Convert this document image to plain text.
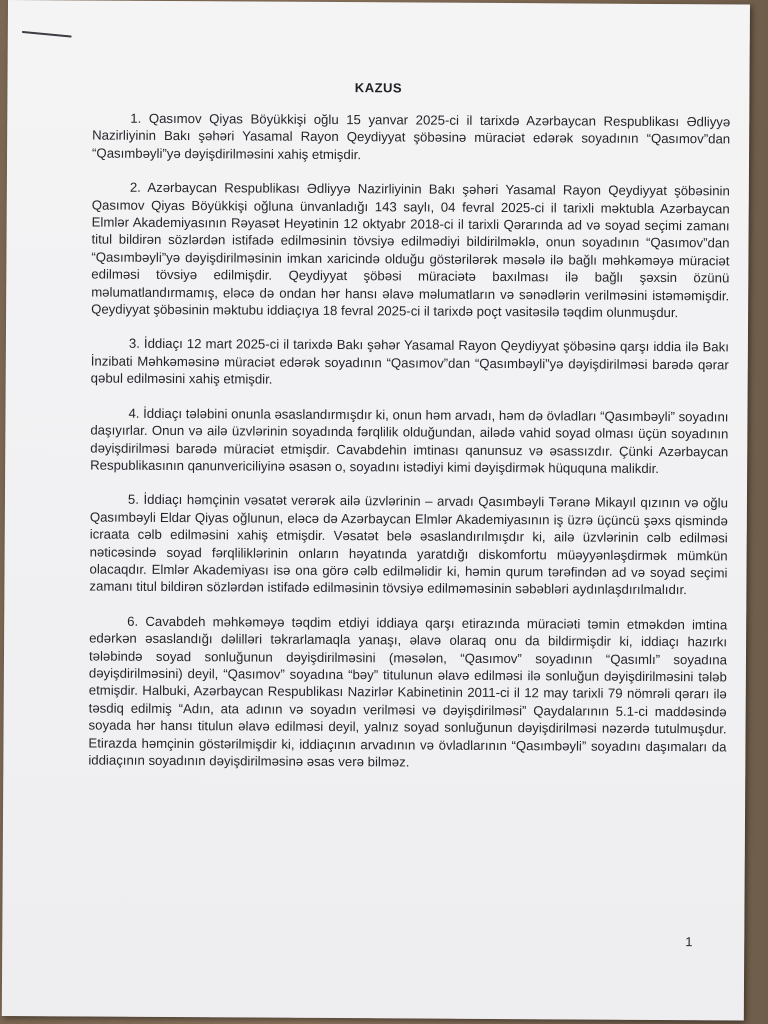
KAZUS

1. Qasımov Qiyas Böyükkişi oğlu 15 yanvar 2025-ci il tarixdə Azərbaycan Respublikası Ədliyyə Nazirliyinin Bakı şəhəri Yasamal Rayon Qeydiyyat şöbəsinə müraciət edərək soyadının “Qasımov”dan “Qasımbəyli”yə dəyişdirilməsini xahiş etmişdir.

2. Azərbaycan Respublikası Ədliyyə Nazirliyinin Bakı şəhəri Yasamal Rayon Qeydiyyat şöbəsinin Qasımov Qiyas Böyükkişi oğluna ünvanladığı 143 saylı, 04 fevral 2025-ci il tarixli məktubla Azərbaycan Elmlər Akademiyasının Rəyasət Heyətinin 12 oktyabr 2018-ci il tarixli Qərarında ad və soyad seçimi zamanı titul bildirən sözlərdən istifadə edilməsinin tövsiyə edilmədiyi bildirilməklə, onun soyadının “Qasımov”dan “Qasımbəyli”yə dəyişdirilməsinin imkan xaricində olduğu göstərilərək məsələ ilə bağlı məhkəməyə müraciət edilməsi tövsiyə edilmişdir. Qeydiyyat şöbəsi müraciətə baxılması ilə bağlı şəxsin özünü məlumatlandırmamış, eləcə də ondan hər hansı əlavə məlumatların və sənədlərin verilməsini istəməmişdir. Qeydiyyat şöbəsinin məktubu iddiaçıya 18 fevral 2025-ci il tarixdə poçt vasitəsilə təqdim olunmuşdur.

3. İddiaçı 12 mart 2025-ci il tarixdə Bakı şəhər Yasamal Rayon Qeydiyyat şöbəsinə qarşı iddia ilə Bakı İnzibati Məhkəməsinə müraciət edərək soyadının “Qasımov”dan “Qasımbəyli”yə dəyişdirilməsi barədə qərar qəbul edilməsini xahiş etmişdir.

4. İddiaçı tələbini onunla əsaslandırmışdır ki, onun həm arvadı, həm də övladları “Qasımbəyli” soyadını daşıyırlar. Onun və ailə üzvlərinin soyadında fərqlilik olduğundan, ailədə vahid soyad olması üçün soyadının dəyişdirilməsi barədə müraciət etmişdir. Cavabdehin imtinası qanunsuz və əsassızdır. Çünki Azərbaycan Respublikasının qanunvericiliyinə əsasən o, soyadını istədiyi kimi dəyişdirmək hüququna malikdir.

5. İddiaçı həmçinin vəsatət verərək ailə üzvlərinin – arvadı Qasımbəyli Təranə Mikayıl qızının və oğlu Qasımbəyli Eldar Qiyas oğlunun, eləcə də Azərbaycan Elmlər Akademiyasının iş üzrə üçüncü şəxs qismində icraata cəlb edilməsini xahiş etmişdir. Vəsatət belə əsaslandırılmışdır ki, ailə üzvlərinin cəlb edilməsi nəticəsində soyad fərqliliklərinin onların həyatında yaratdığı diskomfortu müəyyənləşdirmək mümkün olacaqdır. Elmlər Akademiyası isə ona görə cəlb edilməlidir ki, həmin qurum tərəfindən ad və soyad seçimi zamanı titul bildirən sözlərdən istifadə edilməsinin tövsiyə edilməməsinin səbəbləri aydınlaşdırılmalıdır.

6. Cavabdeh məhkəməyə təqdim etdiyi iddiaya qarşı etirazında müraciəti təmin etməkdən imtina edərkən əsaslandığı dəlilləri təkrarlamaqla yanaşı, əlavə olaraq onu da bildirmişdir ki, iddiaçı hazırkı tələbində soyad sonluğunun dəyişdirilməsini (məsələn, “Qasımov” soyadının “Qasımlı” soyadına dəyişdirilməsini) deyil, “Qasımov” soyadına “bəy” titulunun əlavə edilməsi ilə sonluğun dəyişdirilməsini tələb etmişdir. Halbuki, Azərbaycan Respublikası Nazirlər Kabinetinin 2011-ci il 12 may tarixli 79 nömrəli qərarı ilə təsdiq edilmiş “Adın, ata adının və soyadın verilməsi və dəyişdirilməsi” Qaydalarının 5.1-ci maddəsində soyada hər hansı titulun əlavə edilməsi deyil, yalnız soyad sonluğunun dəyişdirilməsi nəzərdə tutulmuşdur. Etirazda həmçinin göstərilmişdir ki, iddiaçının arvadının və övladlarının “Qasımbəyli” soyadını daşımaları da iddiaçının soyadının dəyişdirilməsinə əsas verə bilməz.

1
